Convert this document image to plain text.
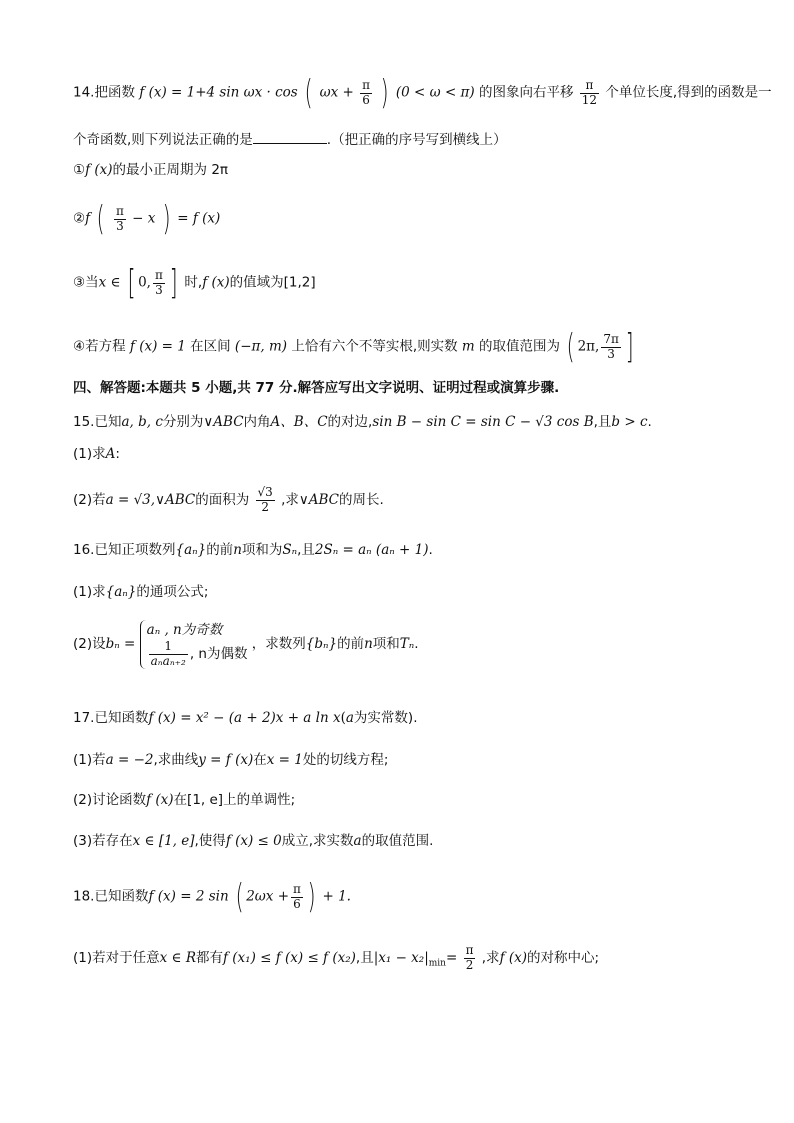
14.把函数 f (x) = 1+4 sin ωx · cos ( $\omega x + \frac{\pi}{6}$ ) (0 < ω < π) 的图象向右平移 $\frac{\pi}{12}$ 个单位长度,得到的函数是一
个奇函数,则下列说法正确的是	.（把正确的序号写到横线上）
①f (x)的最小正周期为 2π
②f ( $\frac{\pi}{3} - x$ ) = f (x)
③当x ∈ [ 0, $\frac{\pi}{3}$ ] 时,f (x)的值域为[1,2]
④若方程 f (x) = 1 在区间 (−π, m) 上恰有六个不等实根,则实数 m 的取值范围为 ( 2π, $\frac{7\pi}{3}$ ]
四、解答题:本题共 5 小题,共 77 分.解答应写出文字说明、证明过程或演算步骤.
15.已知a, b, c分别为∨ABC内角A、B、C的对边,sin B − sin C = sin C − √3 cos B,且b > c.
(1)求A:
(2)若a = √3,∨ABC的面积为 $\frac{√3}{2}$ ,求∨ABC的周长.
16.已知正项数列{aₙ}的前n项和为Sₙ,且2Sₙ = aₙ (aₙ + 1).
(1)求{aₙ}的通项公式;
(2)设bₙ =
aₙ , n为奇数
$\frac{1}{\text{aₙaₙ₊₂}}$ , n为偶数
，求数列{bₙ}的前n项和Tₙ.
17.已知函数f (x) = x² − (a + 2)x + a ln x(a为实常数).
(1)若a = −2,求曲线y = f (x)在x = 1处的切线方程;
(2)讨论函数f (x)在[1, e]上的单调性;
(3)若存在x ∈ [1, e],使得f (x) ≤ 0成立,求实数a的取值范围.
18.已知函数f (x) = 2 sin ( $2\omega x + \frac{\pi}{6}$ ) + 1.
(1)若对于任意x ∈ R都有f (x₁) ≤ f (x) ≤ f (x₂),且$|x_1 - x_2|_{min}= \frac{\pi}{2}$ ,求f (x)的对称中心;
